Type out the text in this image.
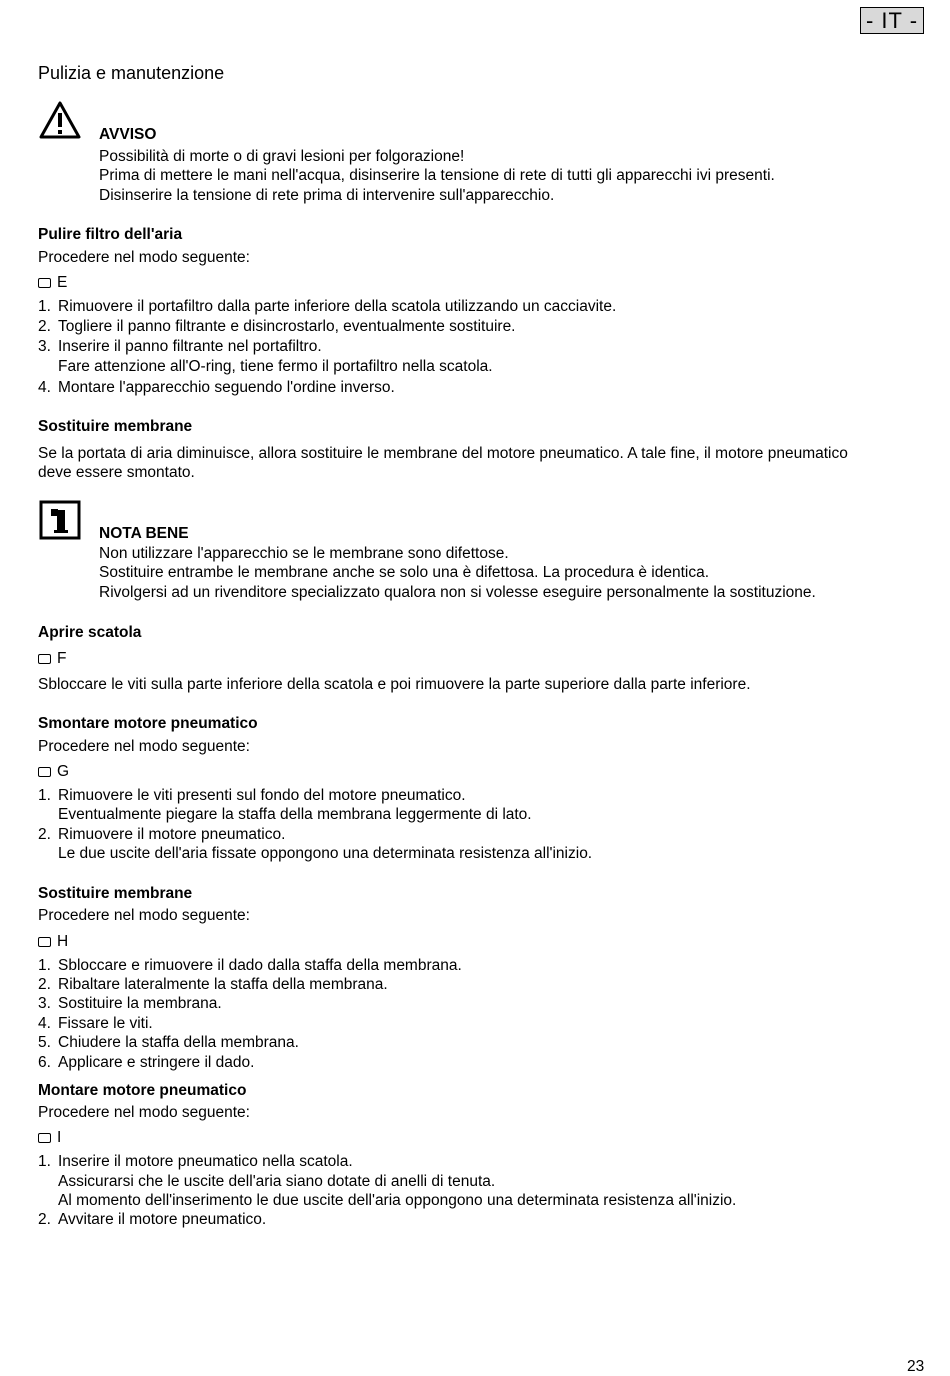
- IT -
Pulizia e manutenzione
AVVISO
Possibilità di morte o di gravi lesioni per folgorazione!
Prima di mettere le mani nell'acqua, disinserire la tensione di rete di tutti gli apparecchi ivi presenti.
Disinserire la tensione di rete prima di intervenire sull'apparecchio.
Pulire filtro dell'aria
Procedere nel modo seguente:
E
1. Rimuovere il portafiltro dalla parte inferiore della scatola utilizzando un cacciavite.
2. Togliere il panno filtrante e disincrostarlo, eventualmente sostituire.
3. Inserire il panno filtrante nel portafiltro.
Fare attenzione all'O-ring, tiene fermo il portafiltro nella scatola.
4. Montare l'apparecchio seguendo l'ordine inverso.
Sostituire membrane
Se la portata di aria diminuisce, allora sostituire le membrane del motore pneumatico. A tale fine, il motore pneumatico
deve essere smontato.
NOTA BENE
Non utilizzare l'apparecchio se le membrane sono difettose.
Sostituire entrambe le membrane anche se solo una è difettosa. La procedura è identica.
Rivolgersi ad un rivenditore specializzato qualora non si volesse eseguire personalmente la sostituzione.
Aprire scatola
F
Sbloccare le viti sulla parte inferiore della scatola e poi rimuovere la parte superiore dalla parte inferiore.
Smontare motore pneumatico
Procedere nel modo seguente:
G
1. Rimuovere le viti presenti sul fondo del motore pneumatico.
Eventualmente piegare la staffa della membrana leggermente di lato.
2. Rimuovere il motore pneumatico.
Le due uscite dell'aria fissate oppongono una determinata resistenza all'inizio.
Sostituire membrane
Procedere nel modo seguente:
H
1. Sbloccare e rimuovere il dado dalla staffa della membrana.
2. Ribaltare lateralmente la staffa della membrana.
3. Sostituire la membrana.
4. Fissare le viti.
5. Chiudere la staffa della membrana.
6. Applicare e stringere il dado.
Montare motore pneumatico
Procedere nel modo seguente:
I
1. Inserire il motore pneumatico nella scatola.
Assicurarsi che le uscite dell'aria siano dotate di anelli di tenuta.
Al momento dell'inserimento le due uscite dell'aria oppongono una determinata resistenza all'inizio.
2. Avvitare il motore pneumatico.
23
